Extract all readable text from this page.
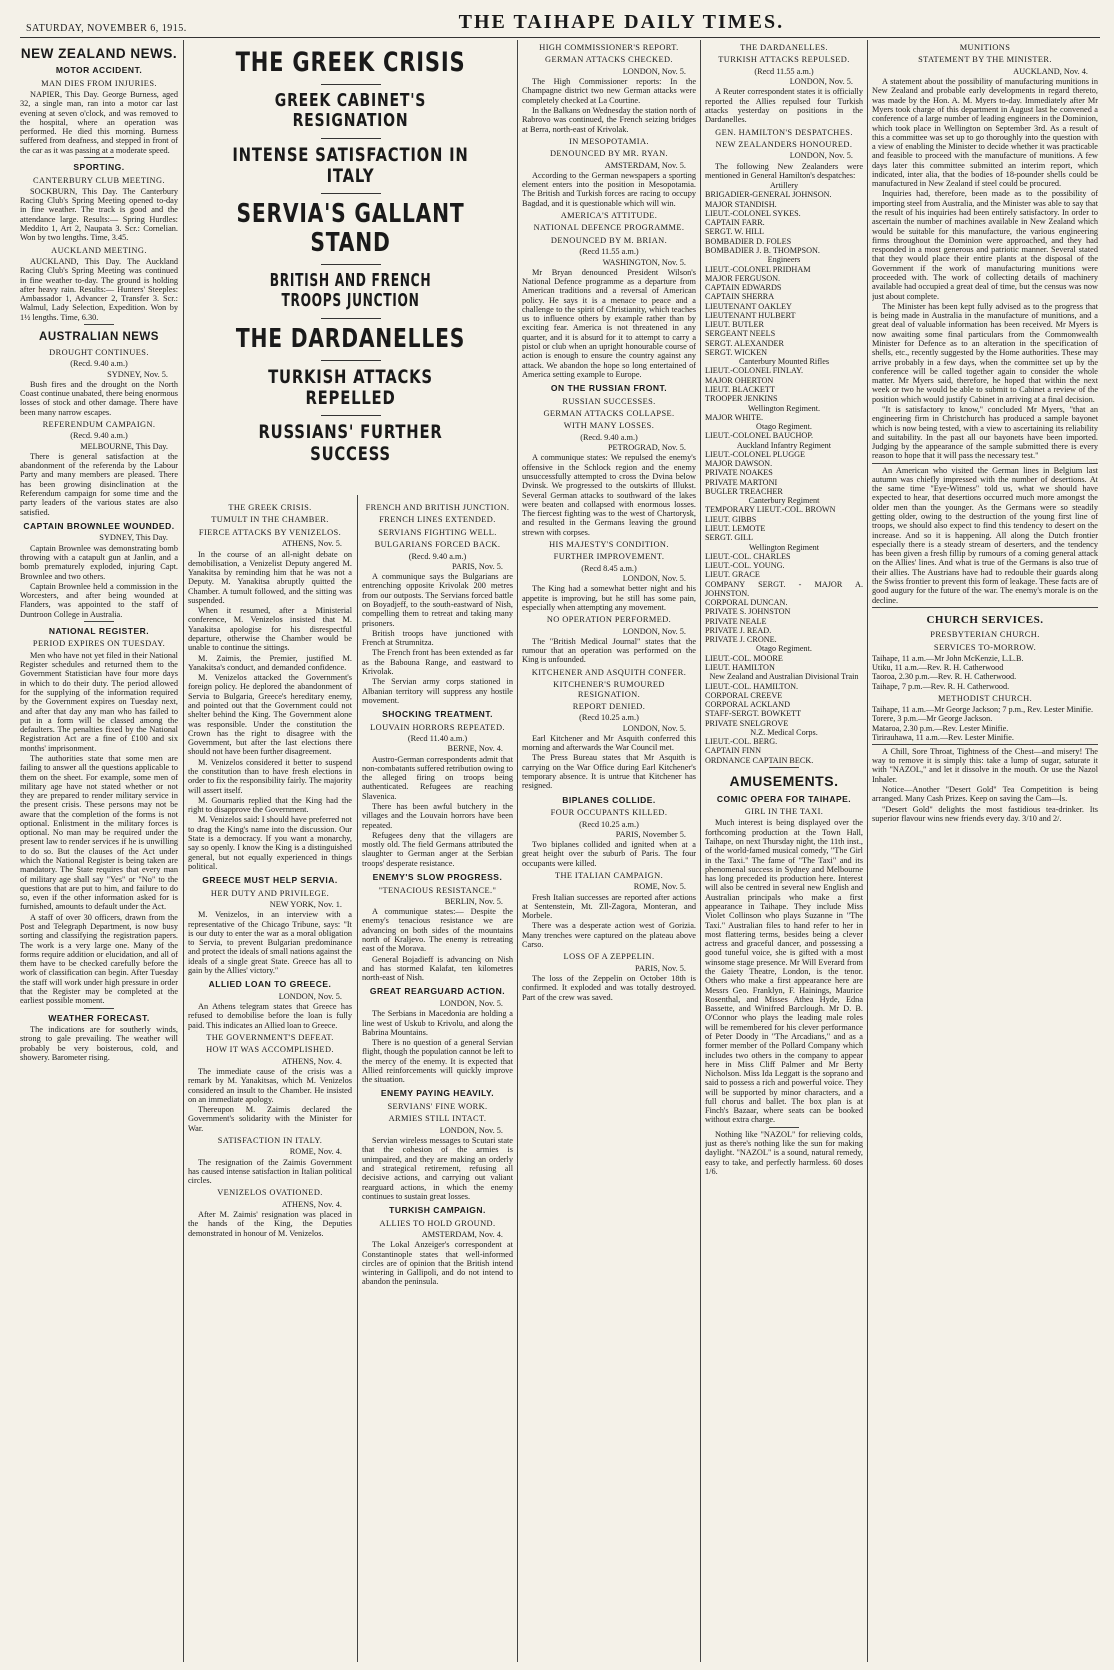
SATURDAY, NOVEMBER 6, 1915.	THE TAIHAPE DAILY TIMES.
NEW ZEALAND NEWS.
MOTOR ACCIDENT.
MAN DIES FROM INJURIES.

NAPIER, This Day. George Burness, aged 32, a single man, ran into a motor car last evening at seven o'clock, and was removed to the hospital, where an operation was performed. He died this morning. Burness suffered from deafness, and stepped in front of the car as it was passing at a moderate speed.

SPORTING.
CANTERBURY CLUB MEETING.

SOCKBURN, This Day. The Canterbury Racing Club's Spring Meeting opened to-day in fine weather. The track is good and the attendance large. Results:— Spring Hurdles: Meddito 1, Art 2, Naupata 3. Scr.: Cornelian. Won by two lengths. Time, 3.45.

AUCKLAND MEETING.

AUCKLAND, This Day. The Auckland Racing Club's Spring Meeting was continued in fine weather to-day. The ground is holding after heavy rain. Results:— Hunters' Steeples: Ambassador 1, Advancer 2, Transfer 3. Scr.: Walmul, Lady Selection, Expedition. Won by 1½ lengths. Time, 6.30.

AUSTRALIAN NEWS
DROUGHT CONTINUES.
(Recd. 9.40 a.m.)
SYDNEY, Nov. 5.

Bush fires and the drought on the North Coast continue unabated, there being enormous losses of stock and other damage. There have been many narrow escapes.

REFERENDUM CAMPAIGN.
(Recd. 9.40 a.m.)
MELBOURNE, This Day.

There is general satisfaction at the abandonment of the referenda by the Labour Party and many members are pleased. There has been growing disinclination at the Referendum campaign for some time and the party leaders of the various states are also satisfied.

CAPTAIN BROWNLEE WOUNDED.
SYDNEY, This Day.

Captain Brownlee was demonstrating bomb throwing with a catapult gun at Janlin, and a bomb prematurely exploded, injuring Capt. Brownlee and two others.

Captain Brownlee held a commission in the Worcesters, and after being wounded at Flanders, was appointed to the staff of Duntroon College in Australia.

NATIONAL REGISTER.
PERIOD EXPIRES ON TUESDAY.

Men who have not yet filed in their National Register schedules and returned them to the Government Statistician have four more days in which to do their duty. The period allowed for the supplying of the information required by the Government expires on Tuesday next, and after that day any man who has failed to put in a form will be classed among the defaulters. The penalties fixed by the National Registration Act are a fine of £100 and six months' imprisonment.

The authorities state that some men are failing to answer all the questions applicable to them on the sheet. For example, some men of military age have not stated whether or not they are prepared to render military service in the present crisis. These persons may not be aware that the completion of the forms is not optional. Enlistment in the military forces is optional. No man may be required under the present law to render services if he is unwilling to do so. But the clauses of the Act under which the National Register is being taken are mandatory. The State requires that every man of military age shall say "Yes" or "No" to the questions that are put to him, and failure to do so, even if the other information asked for is furnished, amounts to default under the Act.

A staff of over 30 officers, drawn from the Post and Telegraph Department, is now busy sorting and classifying the registration papers. The work is a very large one. Many of the forms require addition or elucidation, and all of them have to be checked carefully before the work of classification can begin. After Tuesday the staff will work under high pressure in order that the Register may be completed at the earliest possible moment.

WEATHER FORECAST.

The indications are for southerly winds, strong to gale prevailing. The weather will probably be very boisterous, cold, and showery. Barometer rising.

THE GREEK CRISIS
GREEK CABINET'S RESIGNATION
INTENSE SATISFACTION IN ITALY
SERVIA'S GALLANT STAND
BRITISH AND FRENCH TROOPS JUNCTION
THE DARDANELLES
TURKISH ATTACKS REPELLED
RUSSIANS' FURTHER SUCCESS
THE GREEK CRISIS.
TUMULT IN THE CHAMBER.
FIERCE ATTACKS BY VENIZELOS.
ATHENS, Nov. 5.

In the course of an all-night debate on demobilisation, a Venizelist Deputy angered M. Yanakitsa by reminding him that he was not a Deputy. M. Yanakitsa abruptly quitted the Chamber. A tumult followed, and the sitting was suspended.

When it resumed, after a Ministerial conference, M. Venizelos insisted that M. Yanakitsa apologise for his disrespectful departure, otherwise the Chamber would be unable to continue the sittings.

M. Zaimis, the Premier, justified M. Yanakitsa's conduct, and demanded confidence.

M. Venizelos attacked the Government's foreign policy. He deplored the abandonment of Servia to Bulgaria, Greece's hereditary enemy, and pointed out that the Government could not shelter behind the King. The Government alone was responsible. Under the constitution the Crown has the right to disagree with the Government, but after the last elections there should not have been further disagreement.

M. Venizelos considered it better to suspend the constitution than to have fresh elections in order to fix the responsibility fairly. The majority will assert itself.

M. Gournaris replied that the King had the right to disapprove the Government.

M. Venizelos said: I should have preferred not to drag the King's name into the discussion. Our State is a democracy. If you want a monarchy, say so openly. I know the King is a distinguished general, but not equally experienced in things political.

GREECE MUST HELP SERVIA.
HER DUTY AND PRIVILEGE.
NEW YORK, Nov. 1.

M. Venizelos, in an interview with a representative of the Chicago Tribune, says: "It is our duty to enter the war as a moral obligation to Servia, to prevent Bulgarian predominance and protect the ideals of small nations against the ideals of a single great State. Greece has all to gain by the Allies' victory."

ALLIED LOAN TO GREECE.
LONDON, Nov. 5.

An Athens telegram states that Greece has refused to demobilise before the loan is fully paid. This indicates an Allied loan to Greece.

THE GOVERNMENT'S DEFEAT.
HOW IT WAS ACCOMPLISHED.
ATHENS, Nov. 4.

The immediate cause of the crisis was a remark by M. Yanakitsas, which M. Venizelos considered an insult to the Chamber. He insisted on an immediate apology.

Thereupon M. Zaimis declared the Government's solidarity with the Minister for War.

SATISFACTION IN ITALY.
ROME, Nov. 4.

The resignation of the Zaimis Government has caused intense satisfaction in Italian political circles.

VENIZELOS OVATIONED.
ATHENS, Nov. 4.

After M. Zaimis' resignation was placed in the hands of the King, the Deputies demonstrated in honour of M. Venizelos.

FRENCH AND BRITISH JUNCTION.
FRENCH LINES EXTENDED.
SERVIANS FIGHTING WELL.
BULGARIANS FORCED BACK.
(Recd. 9.40 a.m.)
PARIS, Nov. 5.

A communique says the Bulgarians are entrenching opposite Krivolak 200 metres from our outposts. The Servians forced battle on Boyadjeff, to the south-eastward of Nish, compelling them to retreat and taking many prisoners.

British troops have junctioned with French at Strumnitza.

The French front has been extended as far as the Babouna Range, and eastward to Krivolak.

The Servian army corps stationed in Albanian territory will suppress any hostile movement.

SHOCKING TREATMENT.
LOUVAIN HORRORS REPEATED.
(Recd 11.40 a.m.)
BERNE, Nov. 4.

Austro-German correspondents admit that non-combatants suffered retribution owing to the alleged firing on troops being authenticated. Refugees are reaching Slavenica.

There has been awful butchery in the villages and the Louvain horrors have been repeated.

Refugees deny that the villagers are mostly old. The field Germans attributed the slaughter to German anger at the Serbian troops' desperate resistance.

ENEMY'S SLOW PROGRESS.
"TENACIOUS RESISTANCE."
BERLIN, Nov. 5.

A communique states:— Despite the enemy's tenacious resistance we are advancing on both sides of the mountains north of Kraljevo. The enemy is retreating east of the Morava.

General Bojadieff is advancing on Nish and has stormed Kalafat, ten kilometres north-east of Nish.

GREAT REARGUARD ACTION.
LONDON, Nov. 5.

The Serbians in Macedonia are holding a line west of Uskub to Krivolu, and along the Babrina Mountains.

There is no question of a general Servian flight, though the population cannot be left to the mercy of the enemy. It is expected that Allied reinforcements will quickly improve the situation.

ENEMY PAYING HEAVILY.
SERVIANS' FINE WORK.
ARMIES STILL INTACT.
LONDON, Nov. 5.

Servian wireless messages to Scutari state that the cohesion of the armies is unimpaired, and they are making an orderly and strategical retirement, refusing all decisive actions, and carrying out valiant rearguard actions, in which the enemy continues to sustain great losses.

TURKISH CAMPAIGN.
ALLIES TO HOLD GROUND.
AMSTERDAM, Nov. 4.

The Lokal Anzeiger's correspondent at Constantinople states that well-informed circles are of opinion that the British intend wintering in Gallipoli, and do not intend to abandon the peninsula.

HIGH COMMISSIONER'S REPORT.
GERMAN ATTACKS CHECKED.
LONDON, Nov. 5.

The High Commissioner reports: In the Champagne district two new German attacks were completely checked at La Courtine.

In the Balkans on Wednesday the station north of Rabrovo was continued, the French seizing bridges at Berra, north-east of Krivolak.

IN MESOPOTAMIA.
DENOUNCED BY MR. RYAN.
AMSTERDAM, Nov. 5.

According to the German newspapers a sporting element enters into the position in Mesopotamia. The British and Turkish forces are racing to occupy Bagdad, and it is questionable which will win.

AMERICA'S ATTITUDE.
NATIONAL DEFENCE PROGRAMME.
DENOUNCED BY M. BRIAN.
(Recd 11.55 a.m.)
WASHINGTON, Nov. 5.

Mr Bryan denounced President Wilson's National Defence programme as a departure from American traditions and a reversal of American policy. He says it is a menace to peace and a challenge to the spirit of Christianity, which teaches us to influence others by example rather than by exciting fear. America is not threatened in any quarter, and it is absurd for it to attempt to carry a pistol or club when an upright honourable course of action is enough to ensure the country against any attack. We abandon the hope so long entertained of America setting example to Europe.

ON THE RUSSIAN FRONT.
RUSSIAN SUCCESSES.
GERMAN ATTACKS COLLAPSE.
WITH MANY LOSSES.
(Recd. 9.40 a.m.)
PETROGRAD, Nov. 5.

A communique states: We repulsed the enemy's offensive in the Schlock region and the enemy unsuccessfully attempted to cross the Dvina below Dvinsk. We progressed to the outskirts of Illukst. Several German attacks to southward of the lakes were beaten and collapsed with enormous losses. The fiercest fighting was to the west of Chartorysk, and resulted in the Germans leaving the ground strewn with corpses.

HIS MAJESTY'S CONDITION.
FURTHER IMPROVEMENT.
(Recd 8.45 a.m.)
LONDON, Nov. 5.

The King had a somewhat better night and his appetite is improving, but he still has some pain, especially when attempting any movement.

NO OPERATION PERFORMED.
LONDON, Nov. 5.

The "British Medical Journal" states that the rumour that an operation was performed on the King is unfounded.

KITCHENER AND ASQUITH CONFER.
KITCHENER'S RUMOURED RESIGNATION.
REPORT DENIED.
(Recd 10.25 a.m.)
LONDON, Nov. 5.

Earl Kitchener and Mr Asquith conferred this morning and afterwards the War Council met.

The Press Bureau states that Mr Asquith is carrying on the War Office during Earl Kitchener's temporary absence. It is untrue that Kitchener has resigned.

BIPLANES COLLIDE.
FOUR OCCUPANTS KILLED.
(Recd 10.25 a.m.)
PARIS, November 5.

Two biplanes collided and ignited when at a great height over the suburb of Paris. The four occupants were killed.

THE ITALIAN CAMPAIGN.
ROME, Nov. 5.

Fresh Italian successes are reported after actions at Sentenstein, Mt. Zll-Zagora, Monteran, and Morbele.

There was a desperate action west of Gorizia. Many trenches were captured on the plateau above Carso.

LOSS OF A ZEPPELIN.
PARIS, Nov. 5.

The loss of the Zeppelin on October 18th is confirmed. It exploded and was totally destroyed. Part of the crew was saved.

THE DARDANELLES.
TURKISH ATTACKS REPULSED.
(Recd 11.55 a.m.)
LONDON, Nov. 5.

A Reuter correspondent states it is officially reported the Allies repulsed four Turkish attacks yesterday on positions in the Dardanelles.

GEN. HAMILTON'S DESPATCHES.
NEW ZEALANDERS HONOURED.
LONDON, Nov. 5.

The following New Zealanders were mentioned in General Hamilton's despatches:

Artillery
BRIGADIER-GENERAL JOHNSON.
MAJOR STANDISH.
LIEUT.-COLONEL SYKES.
CAPTAIN FARR.
SERGT. W. HILL
BOMBADIER D. FOLES
BOMBADIER J. B. THOMPSON.
Engineers
LIEUT.-COLONEL PRIDHAM
MAJOR FERGUSON.
CAPTAIN EDWARDS
CAPTAIN SHERRA
LIEUTENANT OAKLEY
LIEUTENANT HULBERT
LIEUT. BUTLER
SERGEANT NEELS
SERGT. ALEXANDER
SERGT. WICKEN
Canterbury Mounted Rifles
LIEUT.-COLONEL FINLAY.
MAJOR OHERTON
LIEUT. BLACKETT
TROOPER JENKINS
Wellington Regiment.
MAJOR WHITE.
Otago Regiment.
LIEUT.-COLONEL BAUCHOP.
Auckland Infantry Regiment
LIEUT.-COLONEL PLUGGE
MAJOR DAWSON.
PRIVATE NOAKES
PRIVATE MARTONI
BUGLER TREACHER
Canterbury Regiment
TEMPORARY LIEUT.-COL. BROWN
LIEUT. GIBBS
LIEUT. LEMOTE
SERGT. GILL
Wellington Regiment
LIEUT.-COL. CHARLES
LIEUT.-COL. YOUNG.
LIEUT. GRACE
COMPANY SERGT. - MAJOR A. JOHNSTON.
CORPORAL DUNCAN.
PRIVATE S. JOHNSTON
PRIVATE NEALE
PRIVATE J. READ.
PRIVATE J. CRONE.
Otago Regiment.
LIEUT.-COL. MOORE
LIEUT. HAMILTON
New Zealand and Australian Divisional Train
LIEUT.-COL. HAMILTON.
CORPORAL CREEVE
CORPORAL ACKLAND
STAFF-SERGT. BOWKETT
PRIVATE SNELGROVE
N.Z. Medical Corps.
LIEUT.-COL. BERG.
CAPTAIN FINN
ORDNANCE CAPTAIN BECK.
AMUSEMENTS.
COMIC OPERA FOR TAIHAPE.
GIRL IN THE TAXI.

Much interest is being displayed over the forthcoming production at the Town Hall, Taihape, on next Thursday night, the 11th inst., of the world-famed musical comedy, "The Girl in the Taxi." The fame of "The Taxi" and its phenomenal success in Sydney and Melbourne has long preceded its production here. Interest will also be centred in several new English and Australian principals who make a first appearance in Taihape. They include Miss Violet Collinson who plays Suzanne in "The Taxi." Australian files to hand refer to her in most flattering terms, besides being a clever actress and graceful dancer, and possessing a good tuneful voice, she is gifted with a most winsome stage presence. Mr Will Everard from the Gaiety Theatre, London, is the tenor. Others who make a first appearance here are Messrs Geo. Franklyn, F. Hainings, Maurice Rosenthal, and Misses Athea Hyde, Edna Bassette, and Winifred Barclough. Mr D. B. O'Connor who plays the leading male roles will be remembered for his clever performance of Peter Doody in "The Arcadians," and as a former member of the Pollard Company which includes two others in the company to appear here in Miss Cliff Palmer and Mr Berty Nicholson. Miss Ida Leggatt is the soprano and said to possess a rich and powerful voice. They will be supported by minor characters, and a full chorus and ballet. The box plan is at Finch's Bazaar, where seats can be booked without extra charge.

Nothing like "NAZOL" for relieving colds, just as there's nothing like the sun for making daylight. "NAZOL" is a sound, natural remedy, easy to take, and perfectly harmless. 60 doses 1/6.

MUNITIONS
STATEMENT BY THE MINISTER.
AUCKLAND, Nov. 4.

A statement about the possibility of manufacturing munitions in New Zealand and probable early developments in regard thereto, was made by the Hon. A. M. Myers to-day. Immediately after Mr Myers took charge of this department in August last he convened a conference of a large number of leading engineers in the Dominion, which took place in Wellington on September 3rd. As a result of this a committee was set up to go thoroughly into the question with a view of enabling the Minister to decide whether it was practicable and feasible to proceed with the manufacture of munitions. A few days later this committee submitted an interim report, which indicated, inter alia, that the bodies of 18-pounder shells could be manufactured in New Zealand if steel could be procured.

Inquiries had, therefore, been made as to the possibility of importing steel from Australia, and the Minister was able to say that the result of his inquiries had been entirely satisfactory. In order to ascertain the number of machines available in New Zealand which would be suitable for this manufacture, the various engineering firms throughout the Dominion were approached, and they had responded in a most generous and patriotic manner. Several stated that they would place their entire plants at the disposal of the Government if the work of manufacturing munitions were proceeded with. The work of collecting details of machinery available had occupied a great deal of time, but the census was now just about complete.

The Minister has been kept fully advised as to the progress that is being made in Australia in the manufacture of munitions, and a great deal of valuable information has been received. Mr Myers is now awaiting some final particulars from the Commonwealth Minister for Defence as to an alteration in the specification of shells, etc., recently suggested by the Home authorities. These may arrive probably in a few days, when the committee set up by the conference will be called together again to consider the whole matter. Mr Myers said, therefore, he hoped that within the next week or two he would be able to submit to Cabinet a review of the position which would justify Cabinet in arriving at a final decision.

"It is satisfactory to know," concluded Mr Myers, "that an engineering firm in Christchurch has produced a sample bayonet which is now being tested, with a view to ascertaining its reliability and suitability. In the past all our bayonets have been imported. Judging by the appearance of the sample submitted there is every reason to hope that it will pass the necessary test."

An American who visited the German lines in Belgium last autumn was chiefly impressed with the number of desertions. At the same time "Eye-Witness" told us, what we should have expected to hear, that desertions occurred much more amongst the older men than the younger. As the Germans were so steadily getting older, owing to the destruction of the young first line of troops, we should also expect to find this tendency to desert on the increase. And so it is happening. All along the Dutch frontier especially there is a steady stream of deserters, and the tendency has been given a fresh fillip by rumours of a coming general attack on the Allies' lines. And what is true of the Germans is also true of their allies. The Austrians have had to redouble their guards along the Swiss frontier to prevent this form of leakage. These facts are of good augury for the future of the war. The enemy's morale is on the decline.

CHURCH SERVICES.
PRESBYTERIAN CHURCH.
SERVICES TO-MORROW.
Taihape, 11 a.m.—Mr John McKenzie, L.L.B.
Utiku, 11 a.m.—Rev. R. H. Catherwood
Taoroa, 2.30 p.m.—Rev. R. H. Catherwood.
Taihape, 7 p.m.—Rev. R. H. Catherwood.
METHODIST CHURCH.
Taihape, 11 a.m.—Mr George Jackson; 7 p.m., Rev. Lester Minifie.
Torere, 3 p.m.—Mr George Jackson.
Mataroa, 2.30 p.m.—Rev. Lester Minifie.
Tirirauhawa, 11 a.m.—Rev. Lester Minifie.

A Chill, Sore Throat, Tightness of the Chest—and misery! The way to remove it is simply this: take a lump of sugar, saturate it with "NAZOL," and let it dissolve in the mouth. Or use the Nazol Inhaler.

Notice—Another "Desert Gold" Tea Competition is being arranged. Many Cash Prizes. Keep on saving the Cam—ls.

"Desert Gold" delights the most fastidious tea-drinker. Its superior flavour wins new friends every day. 3/10 and 2/.
